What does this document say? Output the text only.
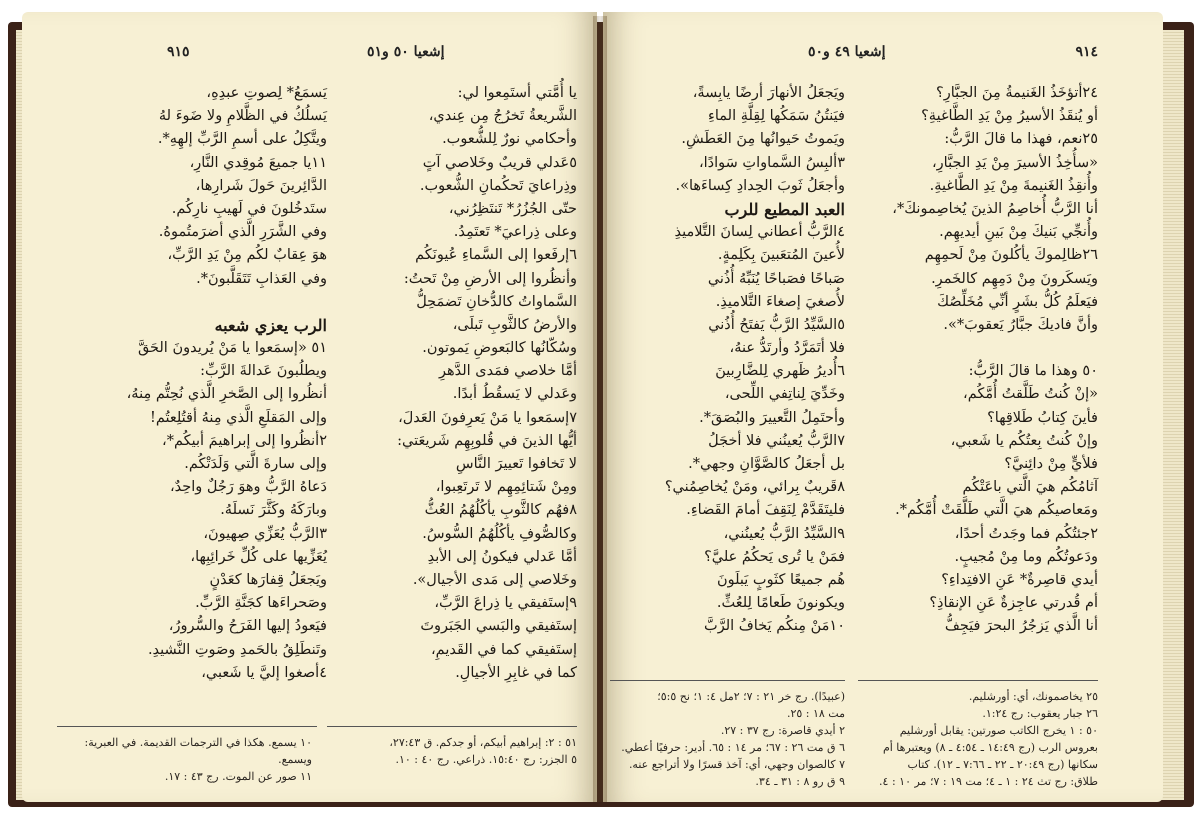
٩١٥	إشعيا ٥٠ و٥١
يا أُمَّتي أستَمِعوا لي:
الشَّريعةُ تَخرُجُ مِن عِندي،
وأحكامي نورٌ لِلشُّعوب.
٥عَدلي قريبٌ وخَلاصي آتٍ
وذِراعايَ تَحكُمانِ الشُّعوب.
حتّى الجُزُرُ* تَنتَظِرُني،
وعلى ذِراعيَ* تَعتَمِدُ.
٦إرفَعوا إلى السَّماءِ عُيونَكُم
وأنظُروا إلى الأرضِ مِنْ تَحتُ:
السَّماواتُ كالدُّخانِ تَضمَحِلُّ
والأرضُ كالثَّوبِ تَبلَى،
وسُكّانُها كالبَعوضِ يَموتون.
أمَّا خلاصي فمَدى الدَّهرِ
وعَدلي لا يَسقُطُ أبدًا.
٧إسمَعوا يا مَنْ يَعرِفونَ العَدلَ،
أيُّها الذينَ في قُلوبِهِم شَريعَتي:
لا تَخافوا تَعييرَ النَّاسِ
ومِنْ شَتائِمِهِم لا تَرتَعِبوا،
٨فهُم كالثَّوبِ يأكُلُهُمُ العُثُّ
وكالصُّوفِ يأكُلُهُمُ السُّوسُ.
أمَّا عَدلي فيكونُ إلى الأبدِ
وخَلاصي إلى مَدى الأجيال».
٩إستَفيقي يا ذِراعَ الرَّبِّ،
إستَفيقي والبَسي الجَبَروتَ
إستَفيقي كما في القَديمِ،
كما في غابِرِ الأجيالِ.
يَسمَعُ* لِصوتِ عبدِهِ،
يَسلُكُ في الظَّلامِ ولا ضَوءَ لهُ
ويتَّكِلُ على أسمِ الرَّبِّ إلهِهِ*.
١١يا جميعَ مُوقِدي النَّارِ،
الدَّائِرينَ حَولَ شَرارِها،
ستَدخُلونَ في لَهيبِ نارِكُم.
وفي الشَّرَرِ الَّذي أضرَمتُموهُ.
هوَ عِقابٌ لكُم مِنْ يَدِ الرَّبِّ،
وفي العَذابِ تَتَقَلَّبونَ*.
الرب يعزي شعبه
٥١ «إسمَعوا يا مَنْ يُريدونَ الحَقَّ
ويطلُبونَ عَدالةَ الرَّبِّ:
أنظُروا إلى الصَّخرِ الَّذي نُحِتُّم مِنهُ،
وإلى المَقلَعِ الَّذي مِنهُ أقتُلِعتُم!
٢أنظُروا إلى إبراهيمَ أبيكُم*،
وإلى سارةَ الَّتي وَلَدَتْكُم.
دَعاهُ الرَّبُّ وهوَ رَجُلٌ واحِدٌ،
وبارَكَهُ وكَثَّرَ نَسلَهُ.
٣الرَّبُّ يُعَزِّي صِهيونَ،
يُعَزِّيها على كُلِّ خَرائِبِها،
ويَجعَلُ قِفارَها كعَدْنٍ
وصَحراءَها كجَنَّةِ الرَّبِّ.
فيَعودُ إليها الفَرَحُ والسُّرورُ،
وتَنطَلِقُ بالحَمدِ وصَوتِ النَّشيدِ.
٤أصغوا إليَّ يا شَعبي،
٥١ : ٢: إبراهيم أبيكم، أو جدكم. ق ٢٧:٤٣،
٥ الجزر: رج ١٥:٤٠. ذراعي. رج ٤٠ : ١٠.
١٠ يسمع. هكذا في الترجمات القديمة. في العبرية:
ويسمع.
١١ صور عن الموت. رج ٤٣ : ١٧.
٩١٤
إشعيا ٤٩ و٥٠
٢٤أتؤخَذُ الغَنيمةُ مِنَ الجبَّارِ؟
أو يُنقَذُ الأسيرُ مِنْ يَدِ الطَّاغيةِ؟
٢٥نعم، فهذا ما قالَ الرَّبُّ:
«سأُخِذُ الأسيرَ مِنْ يَدِ الجبَّارِ،
وأُنقِذُ الغَنيمةَ مِنْ يَدِ الطَّاغيةِ.
أنا الرَّبُّ أُخاصِمُ الذينَ يُخاصِمونكَ*،
وأُنجِّي بَنيكَ مِنْ بَينِ أيديهِم.
٢٦ظالِموكَ يأكُلونَ مِنْ لَحمِهِم
ويَسكَرونَ مِنْ دَمِهِم كالخَمرِ.
فيَعلَمُ كُلُّ بشَرٍ أنِّي مُخَلِّصُكَ
وأنَّ فاديكَ جبَّارُ يَعقوبَ*».
٥٠ وهذا ما قالَ الرَّبُّ:
«إنْ كُنتُ طَلَّقتُ أُمَّكُم،
فأينَ كِتابُ طَلاقِها؟
وإنْ كُنتُ بِعتُكُم يا شَعبي،
فلأيٍّ مِنْ دائِنيَّ؟
آثامُكُم هيَ الَّتي باعَتْكُم
ومَعاصيكُم هيَ الَّتي طَلَّقَتْ أُمَّكُم*.
٢جئتُكُم فما وجَدتُ أحدًا،
ودَعوتُكُم وما مِنْ مُجيبٍ.
أيدي قاصِرةٌ* عَنِ الافتِداءِ؟
أم قُدرتي عاجِزةٌ عَنِ الإنقاذِ؟
أنا الَّذي يَزجُرُ البحرَ فيَجِفُّ
ويَجعَلُ الأنهارَ أرضًا يابِسةً،
فيَنتُنُ سَمَكُها لِقِلَّةِ الماءِ
ويَموتُ حَيوانُها مِنَ العَطَشِ.
٣ألبِسُ السَّماواتِ سَوادًا،
وأجعَلُ ثَوبَ الحِدادِ كِساءَها».
العبد المطيع للرب
٤الرَّبُّ أعطاني لِسانَ التَّلاميذِ
لأُعينَ المُتعَبينَ بِكَلِمةٍ.
صَباحًا فصَباحًا يُنَبِّهُ أُذُني
لأُصغيَ إصغاءَ التَّلاميذِ.
٥السَّيِّدُ الرَّبُّ يَفتَحُ أُذُني
فلا أتَمَرَّدُ وأرتَدُّ عنهُ،
٦أُديرُ ظَهري لِلضَّارِبينَ
وخَدِّيَ لِناتِفي اللِّحى،
وأحتَمِلُ التَّعييرَ والبُصَقَ*.
٧الرَّبُّ يُعينُني فلا أخجَلُ
بل أجعَلُ كالصَّوَّانِ وجهي*.
٨قَريبٌ بِرائي، ومَنْ يُخاصِمُني؟
فليتَقَدَّمْ لِنَقِفَ أمامَ القَضاءِ.
٩السَّيِّدُ الرَّبُّ يُعينُني،
فمَنْ يا تُرى يَحكُمُ عليَّ؟
هُم جميعًا كثَوبٍ يَبلَونَ
ويكونونَ طَعامًا لِلعُثِّ.
١٠مَنْ مِنكُم يَخافُ الرَّبَّ
٢٥ يخاصمونك، أي: أورشليم.
٢٦ جبار يعقوب: رج ١:٢٤.
٥٠ : ١ يخرج الكاتب صورتين: يقابل أورشليم
بعروس الرب (رج ١٤:٤٩ ـ ٤:٥٤ ـ ٨) ويعتبرها أم
سكانها (رج ٢٠:٤٩ ـ ٢٢ ـ ٧:٦٦ ـ ١٢). كتاب
طلاق: رج تث ٢٤ : ١ ـ ٤؛ مت ١٩ : ٧؛ مر ١٠ : ٤.
(عبيدًا). رج خر ٢١ : ٧؛ ٢مل ٤: ١؛ نح ٥:٥؛
مت ١٨ : ٢٥.
٢ أيدي قاصرة: رج ٣٧ : ٢٧.
٦ ق مت ٢٦ : ٦٧؛ مر ١٤ : ٦٥. أدير: حرفيًا أعطي.
٧ كالصوان وجهي، أي: آخذ قسرًا ولا أتراجع عنه.
٩ ق رو ٨ : ٣١ ـ ٣٤.
